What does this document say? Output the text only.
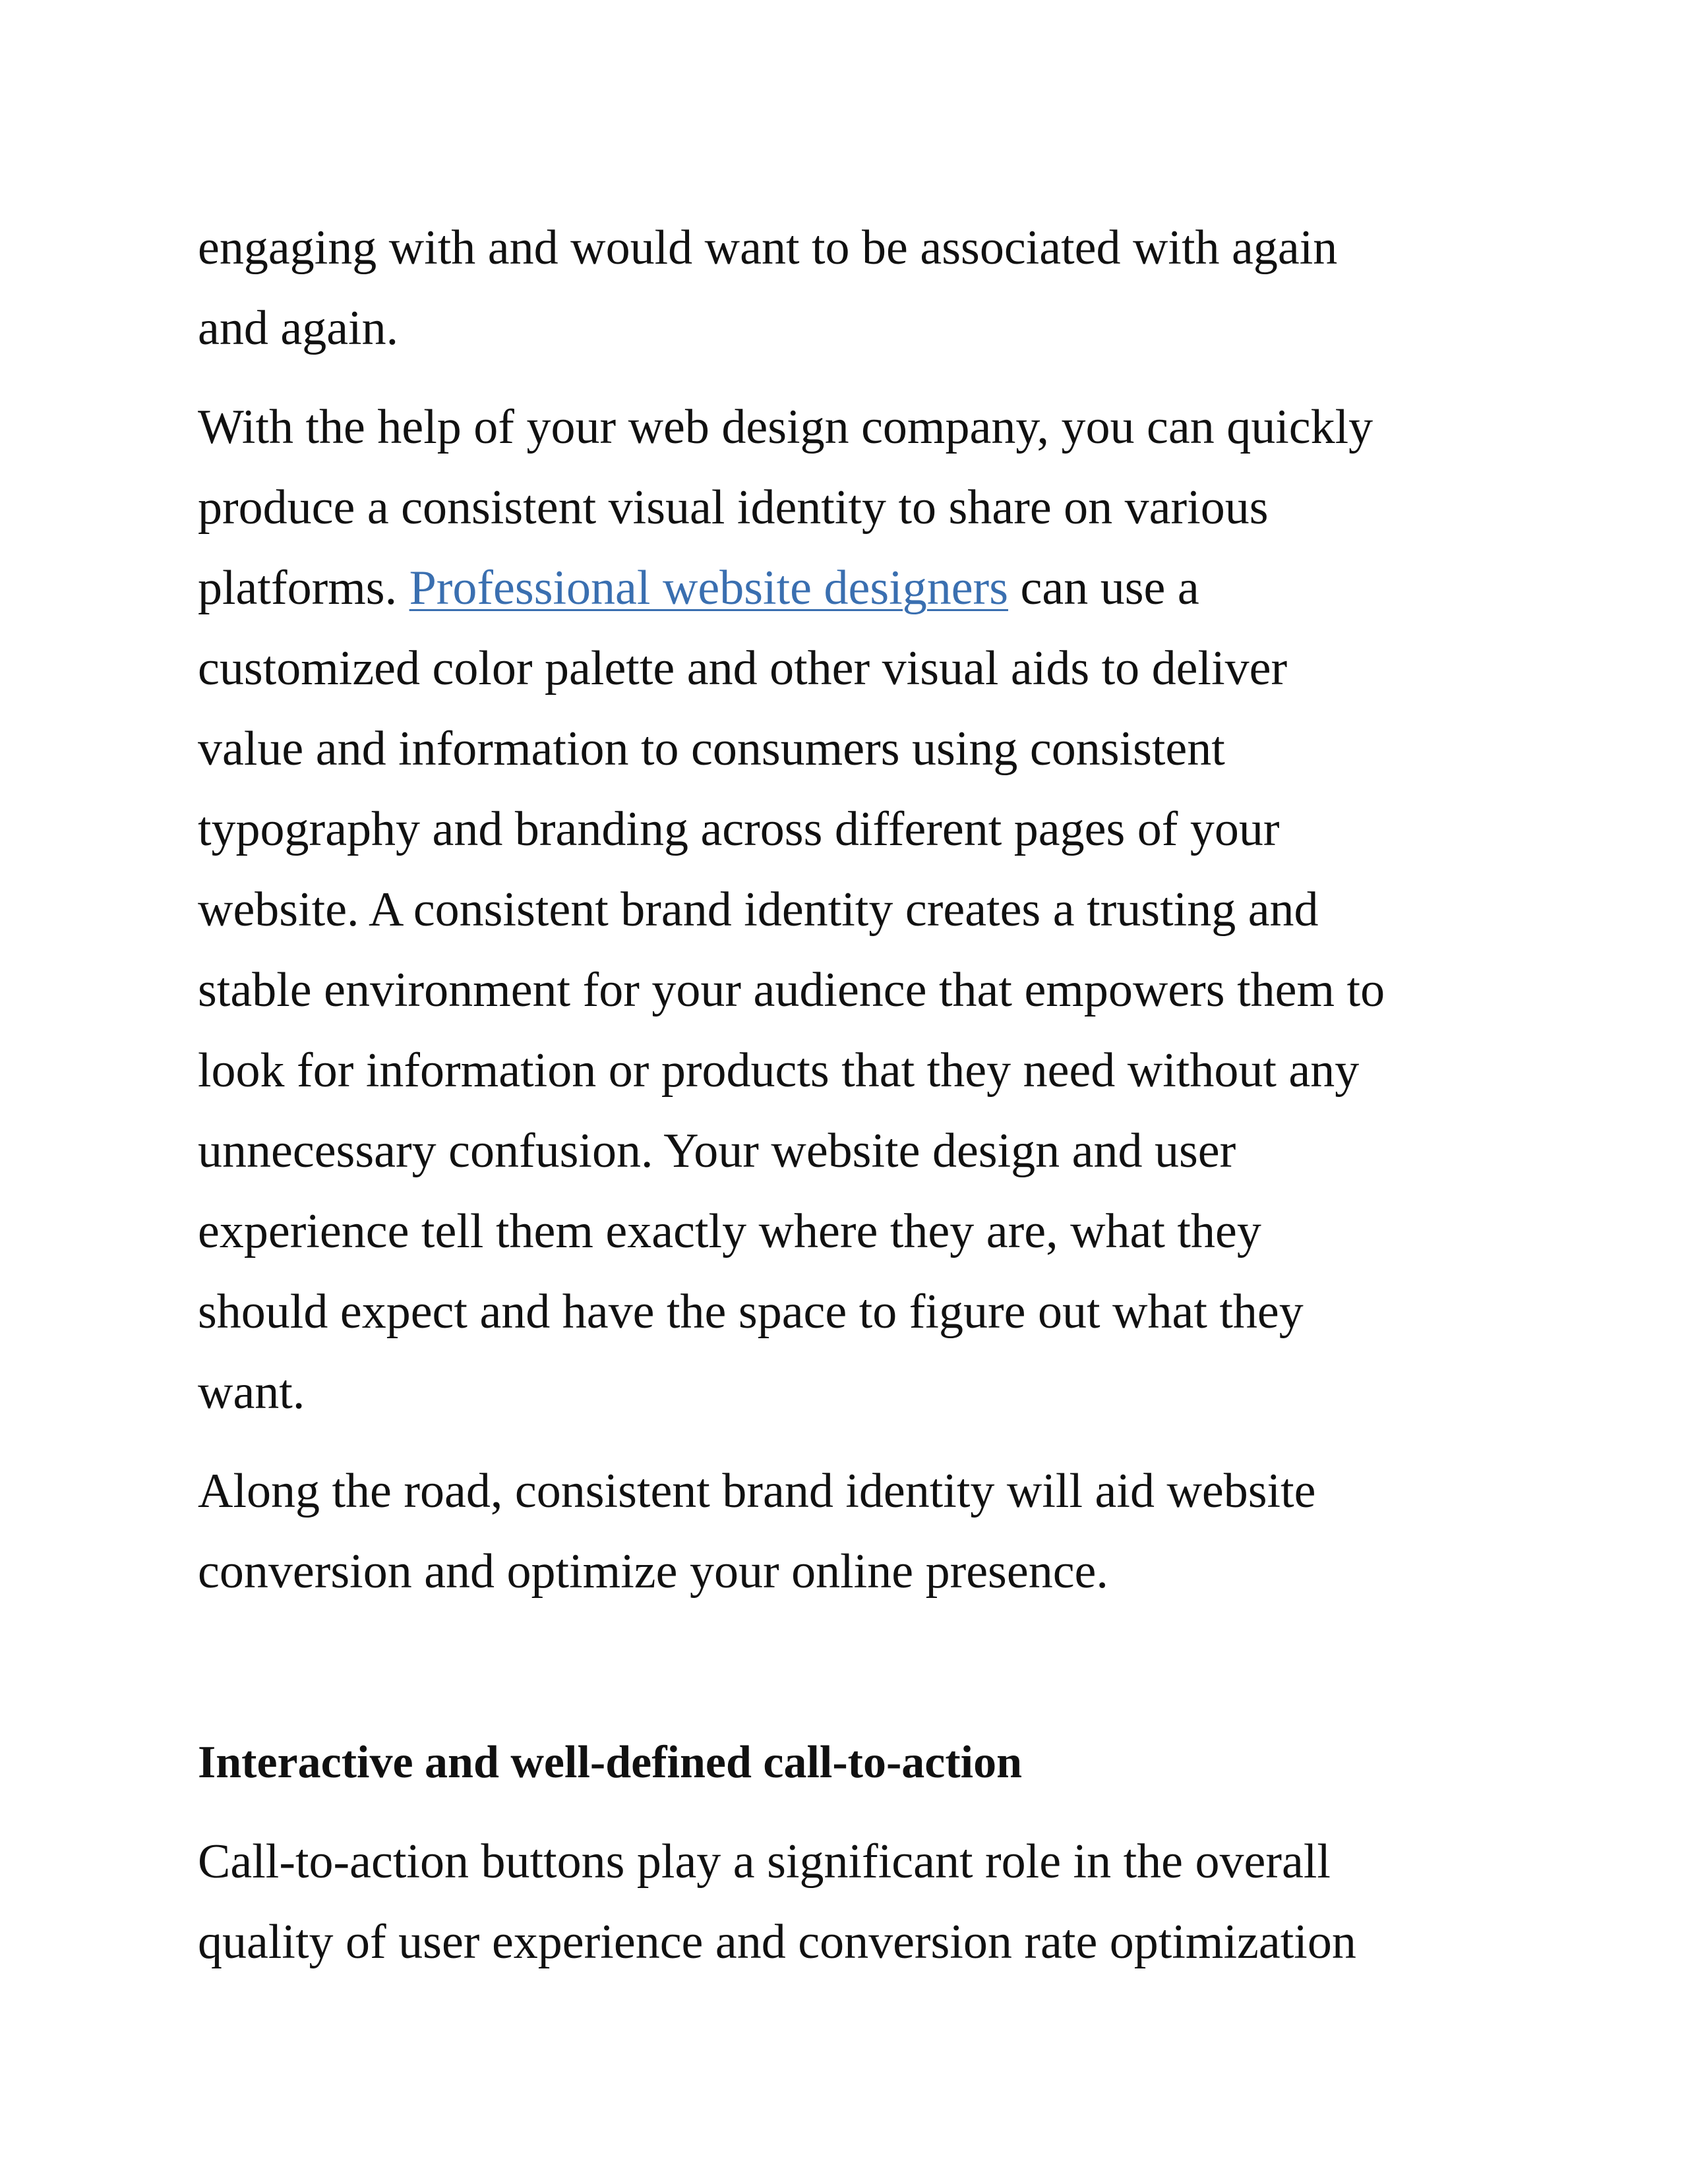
engaging with and would want to be associated with again
and again.

With the help of your web design company, you can quickly
produce a consistent visual identity to share on various
platforms. Professional website designers can use a
customized color palette and other visual aids to deliver
value and information to consumers using consistent
typography and branding across different pages of your
website. A consistent brand identity creates a trusting and
stable environment for your audience that empowers them to
look for information or products that they need without any
unnecessary confusion. Your website design and user
experience tell them exactly where they are, what they
should expect and have the space to figure out what they
want.

Along the road, consistent brand identity will aid website
conversion and optimize your online presence.

Interactive and well-defined call-to-action

Call-to-action buttons play a significant role in the overall
quality of user experience and conversion rate optimization
